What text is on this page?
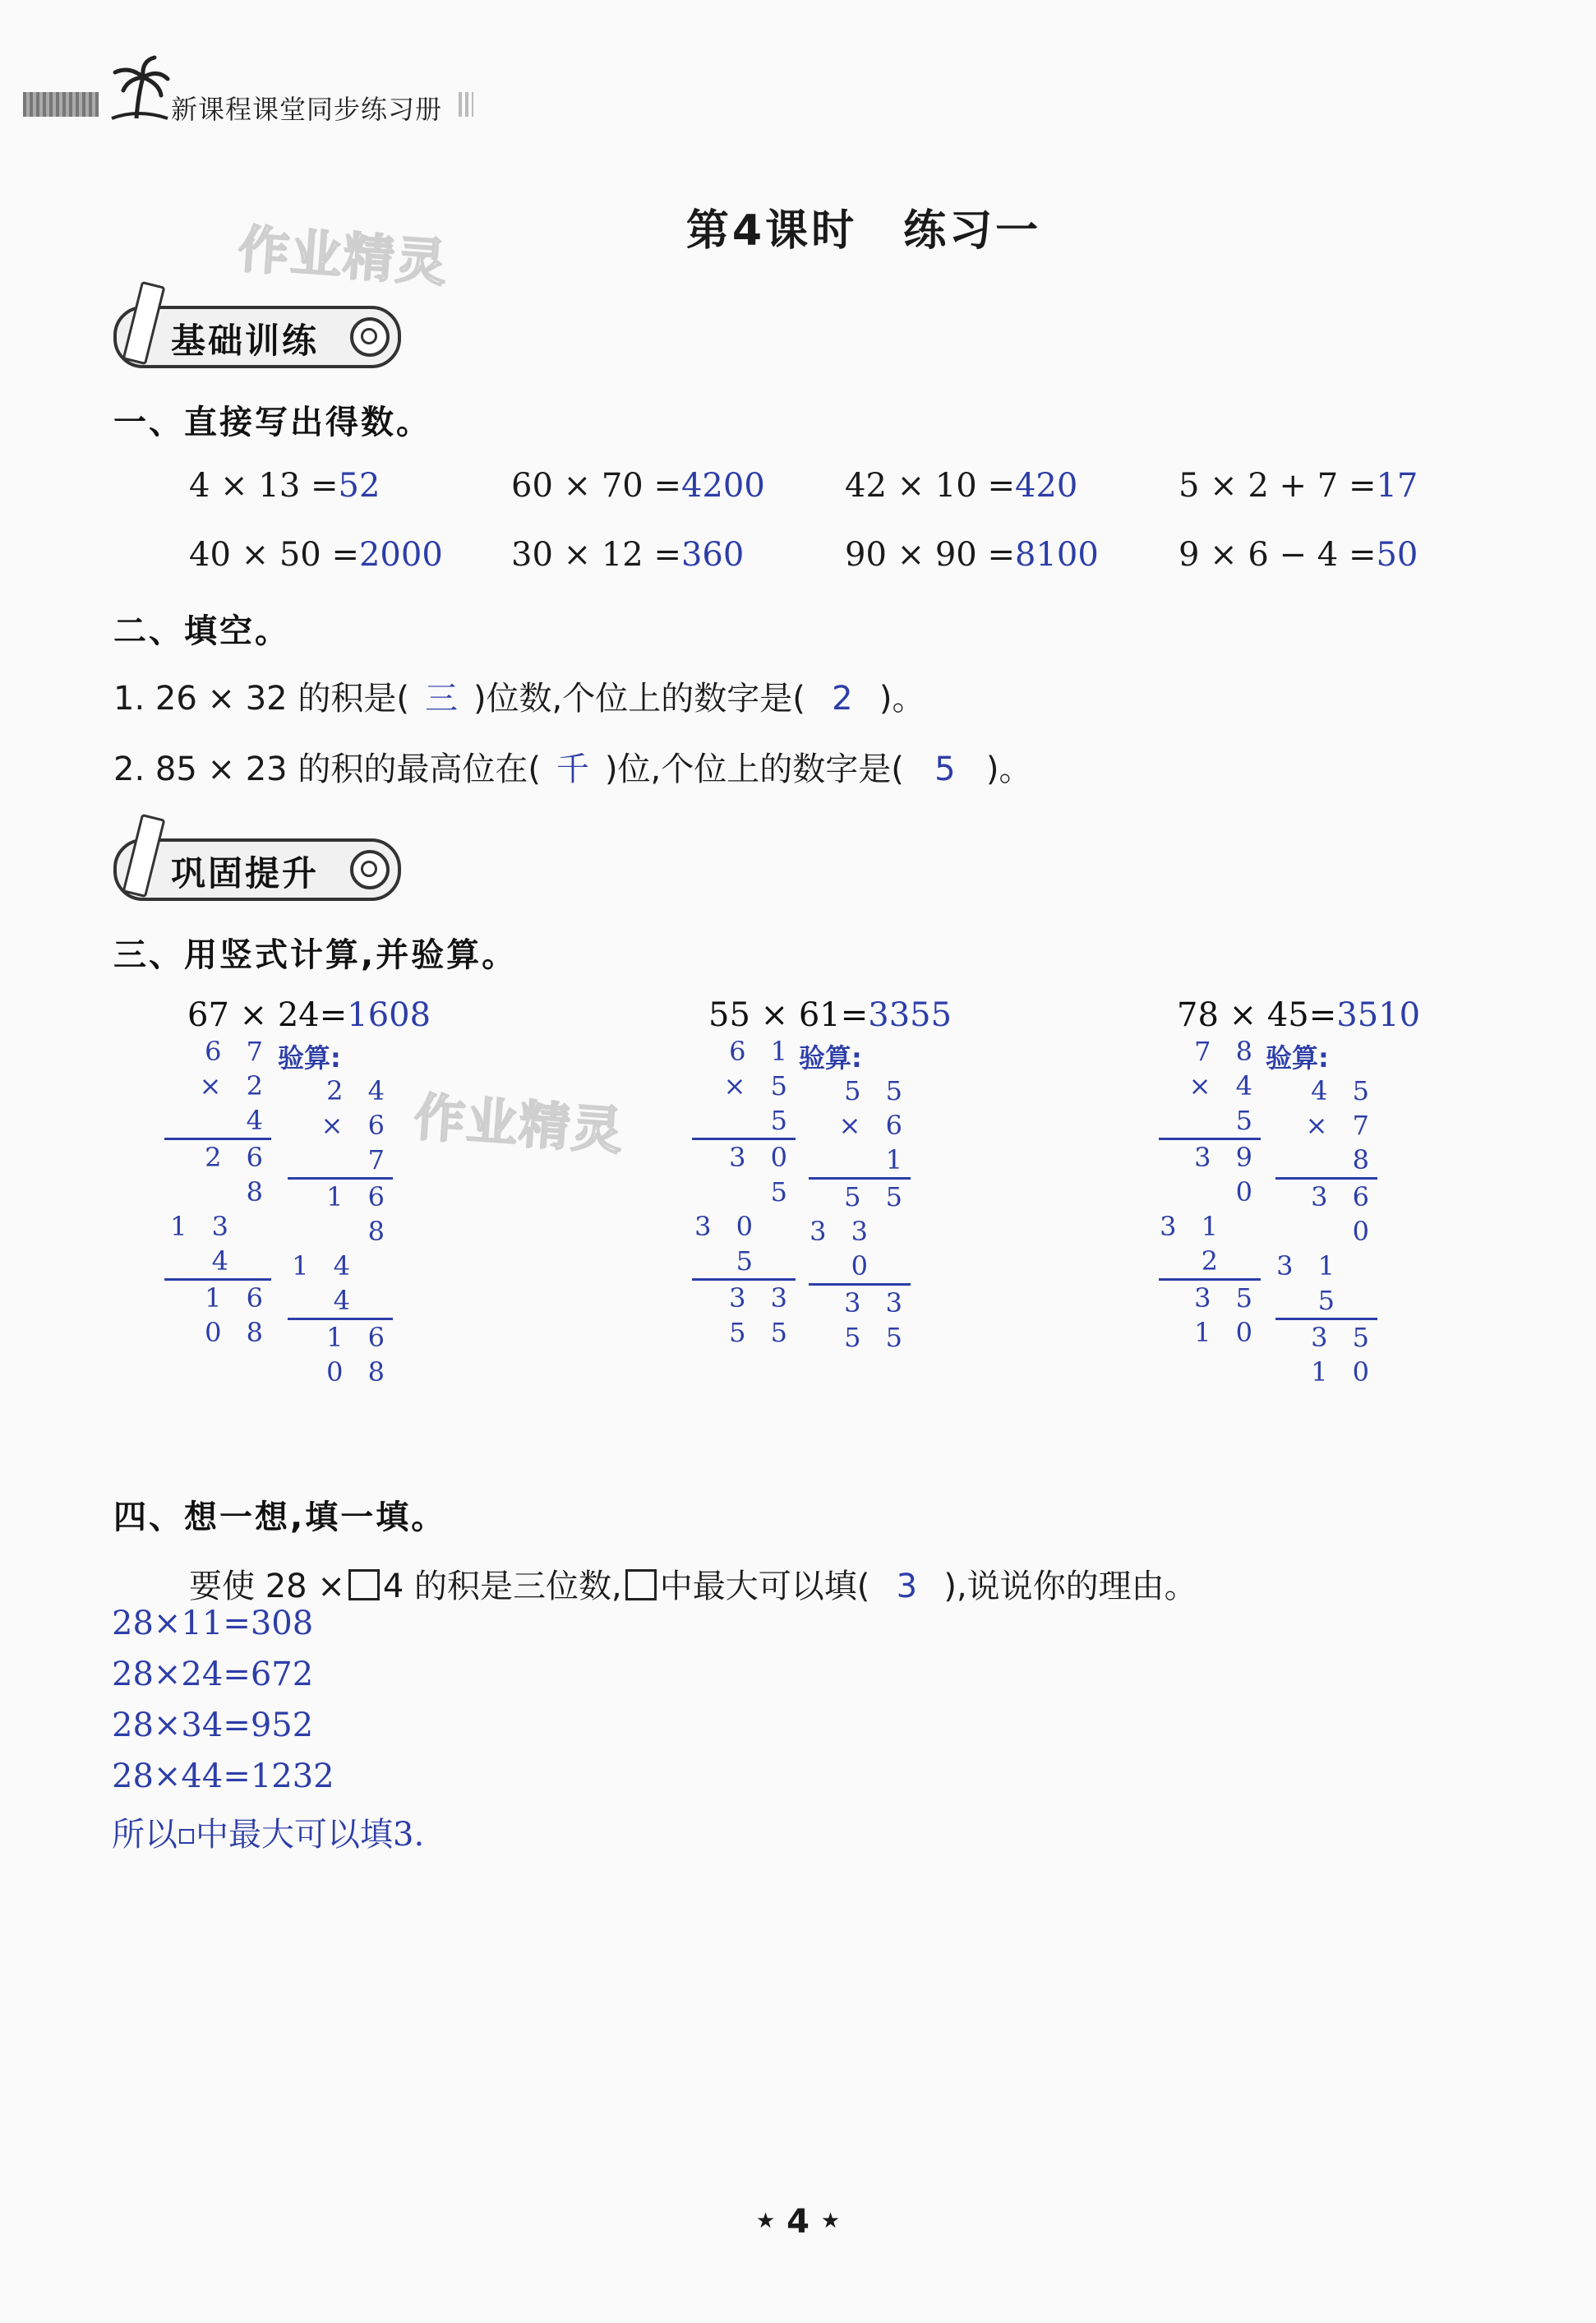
新课程课堂同步练习册
第4课时　练习一
作业精灵
基础训练
一、直接写出得数。
4 × 13 =52	60 × 70 =4200 42 × 10 =420	5 × 2 + 7 =17
40 × 50 =2000 30 × 12 =360	90 × 90 =8100 9 × 6 − 4 =50
二、填空。
1. 26 × 32 的积是( 三 )位数,个位上的数字是( 2 )。
2. 85 × 23 的积的最高位在( 千 )位,个位上的数字是( 5 )。
巩固提升
三、用竖式计算,并验算。
67 × 24=1608
6 7
× 2 4
2 6 8
1 3 4
1 6 0 8
验算:
2 4
× 6 7
1 6 8
1 4 4
1 6 0 8
作业精灵
55 × 61=3355
6 1
× 5 5
3 0 5
3 0 5
3 3 5 5
验算:
5 5
× 6 1
5 5
3 3 0
3 3 5 5
78 × 45=3510
7 8
× 4 5
3 9 0
3 1 2
3 5 1 0
验算:
4 5
× 7 8
3 6 0
3 1 5
3 5 1 0
四、想一想,填一填。
要使 28 × 4 的积是三位数, 中最大可以填( 3 ),说说你的理由。
28×11=308
28×24=672
28×34=952
28×44=1232
所以 中最大可以填3.
★ 4 ★
